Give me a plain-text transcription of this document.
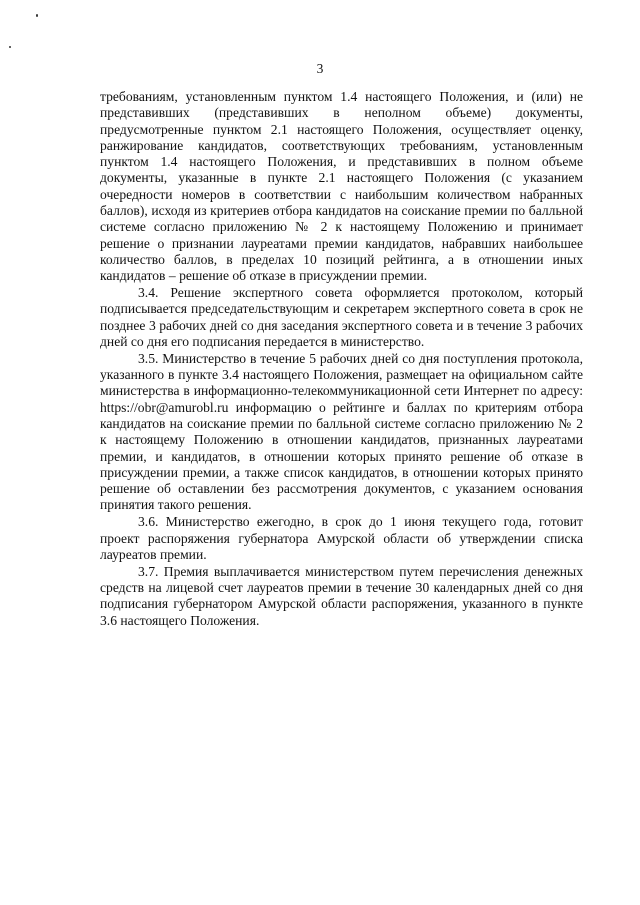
3

требованиям, установленным пунктом 1.4 настоящего Положения, и (или) не представивших (представивших в неполном объеме) документы, предусмотренные пунктом 2.1 настоящего Положения, осуществляет оценку, ранжирование кандидатов, соответствующих требованиям, установленным пунктом 1.4 настоящего Положения, и представивших в полном объеме документы, указанные в пункте 2.1 настоящего Положения (с указанием очередности номеров в соответствии с наибольшим количеством набранных баллов), исходя из критериев отбора кандидатов на соискание премии по балльной системе согласно приложению № 2 к настоящему Положению и принимает решение о признании лауреатами премии кандидатов, набравших наибольшее количество баллов, в пределах 10 позиций рейтинга, а в отношении иных кандидатов – решение об отказе в присуждении премии.

3.4. Решение экспертного совета оформляется протоколом, который подписывается председательствующим и секретарем экспертного совета в срок не позднее 3 рабочих дней со дня заседания экспертного совета и в течение 3 рабочих дней со дня его подписания передается в министерство.

3.5. Министерство в течение 5 рабочих дней со дня поступления протокола, указанного в пункте 3.4 настоящего Положения, размещает на официальном сайте министерства в информационно-телекоммуникационной сети Интернет по адресу: https://obr@amurobl.ru информацию о рейтинге и баллах по критериям отбора кандидатов на соискание премии по балльной системе согласно приложению № 2 к настоящему Положению в отношении кандидатов, признанных лауреатами премии, и кандидатов, в отношении которых принято решение об отказе в присуждении премии, а также список кандидатов, в отношении которых принято решение об оставлении без рассмотрения документов, с указанием основания принятия такого решения.

3.6. Министерство ежегодно, в срок до 1 июня текущего года, готовит проект распоряжения губернатора Амурской области об утверждении списка лауреатов премии.

3.7. Премия выплачивается министерством путем перечисления денежных средств на лицевой счет лауреатов премии в течение 30 календарных дней со дня подписания губернатором Амурской области распоряжения, указанного в пункте 3.6 настоящего Положения.
